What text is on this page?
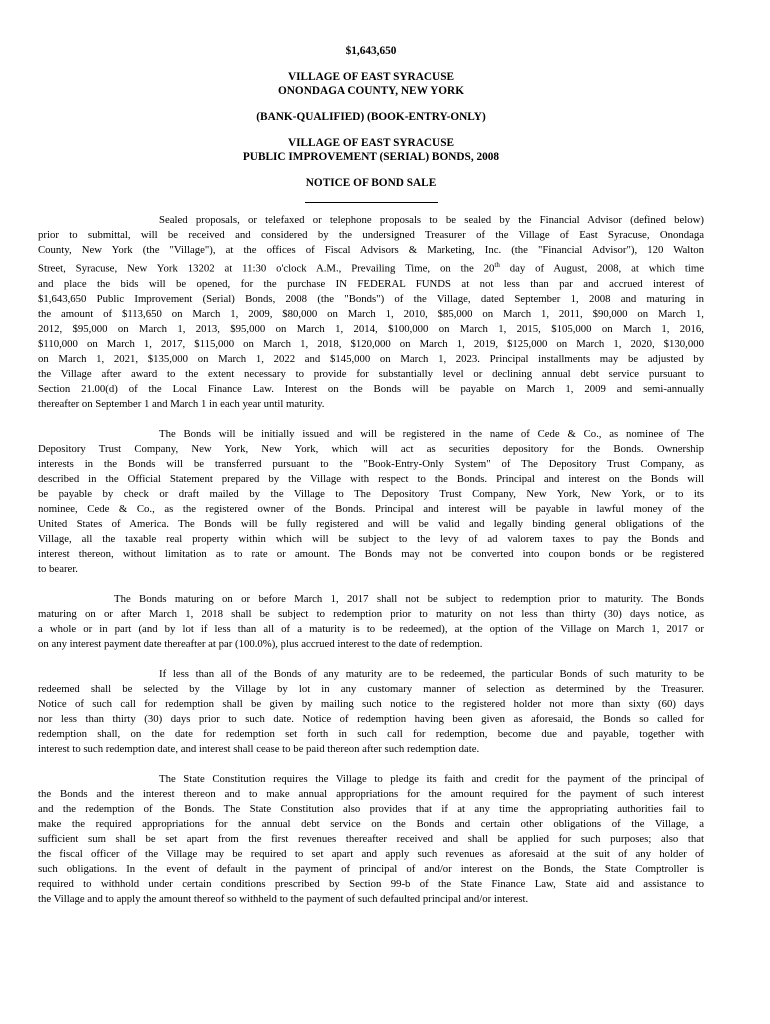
$1,643,650

VILLAGE OF EAST SYRACUSE

ONONDAGA COUNTY, NEW YORK

(BANK-QUALIFIED) (BOOK-ENTRY-ONLY)

VILLAGE OF EAST SYRACUSE

PUBLIC IMPROVEMENT (SERIAL) BONDS, 2008

NOTICE OF BOND SALE

Sealed proposals, or telefaxed or telephone proposals to be sealed by the Financial Advisor (defined below)
prior to submittal, will be received and considered by the undersigned Treasurer of the Village of East Syracuse, Onondaga
County, New York (the "Village"), at the offices of Fiscal Advisors & Marketing, Inc. (the "Financial Advisor"), 120 Walton
Street, Syracuse, New York 13202 at 11:30 o'clock A.M., Prevailing Time, on the 20th day of August, 2008, at which time
and place the bids will be opened, for the purchase IN FEDERAL FUNDS at not less than par and accrued interest of
$1,643,650 Public Improvement (Serial) Bonds, 2008 (the "Bonds") of the Village, dated September 1, 2008 and maturing in
the amount of $113,650 on March 1, 2009, $80,000 on March 1, 2010, $85,000 on March 1, 2011, $90,000 on March 1,
2012, $95,000 on March 1, 2013, $95,000 on March 1, 2014, $100,000 on March 1, 2015, $105,000 on March 1, 2016,
$110,000 on March 1, 2017, $115,000 on March 1, 2018, $120,000 on March 1, 2019, $125,000 on March 1, 2020, $130,000
on March 1, 2021, $135,000 on March 1, 2022 and $145,000 on March 1, 2023. Principal installments may be adjusted by
the Village after award to the extent necessary to provide for substantially level or declining annual debt service pursuant to
Section 21.00(d) of the Local Finance Law. Interest on the Bonds will be payable on March 1, 2009 and semi-annually
thereafter on September 1 and March 1 in each year until maturity.

The Bonds will be initially issued and will be registered in the name of Cede & Co., as nominee of The
Depository Trust Company, New York, New York, which will act as securities depository for the Bonds. Ownership
interests in the Bonds will be transferred pursuant to the "Book-Entry-Only System" of The Depository Trust Company, as
described in the Official Statement prepared by the Village with respect to the Bonds. Principal and interest on the Bonds will
be payable by check or draft mailed by the Village to The Depository Trust Company, New York, New York, or to its
nominee, Cede & Co., as the registered owner of the Bonds. Principal and interest will be payable in lawful money of the
United States of America. The Bonds will be fully registered and will be valid and legally binding general obligations of the
Village, all the taxable real property within which will be subject to the levy of ad valorem taxes to pay the Bonds and
interest thereon, without limitation as to rate or amount. The Bonds may not be converted into coupon bonds or be registered
to bearer.

The Bonds maturing on or before March 1, 2017 shall not be subject to redemption prior to maturity. The Bonds
maturing on or after March 1, 2018 shall be subject to redemption prior to maturity on not less than thirty (30) days notice, as
a whole or in part (and by lot if less than all of a maturity is to be redeemed), at the option of the Village on March 1, 2017 or
on any interest payment date thereafter at par (100.0%), plus accrued interest to the date of redemption.

If less than all of the Bonds of any maturity are to be redeemed, the particular Bonds of such maturity to be
redeemed shall be selected by the Village by lot in any customary manner of selection as determined by the Treasurer.
Notice of such call for redemption shall be given by mailing such notice to the registered holder not more than sixty (60) days
nor less than thirty (30) days prior to such date. Notice of redemption having been given as aforesaid, the Bonds so called for
redemption shall, on the date for redemption set forth in such call for redemption, become due and payable, together with
interest to such redemption date, and interest shall cease to be paid thereon after such redemption date.

The State Constitution requires the Village to pledge its faith and credit for the payment of the principal of
the Bonds and the interest thereon and to make annual appropriations for the amount required for the payment of such interest
and the redemption of the Bonds. The State Constitution also provides that if at any time the appropriating authorities fail to
make the required appropriations for the annual debt service on the Bonds and certain other obligations of the Village, a
sufficient sum shall be set apart from the first revenues thereafter received and shall be applied for such purposes; also that
the fiscal officer of the Village may be required to set apart and apply such revenues as aforesaid at the suit of any holder of
such obligations. In the event of default in the payment of principal of and/or interest on the Bonds, the State Comptroller is
required to withhold under certain conditions prescribed by Section 99-b of the State Finance Law, State aid and assistance to
the Village and to apply the amount thereof so withheld to the payment of such defaulted principal and/or interest.
